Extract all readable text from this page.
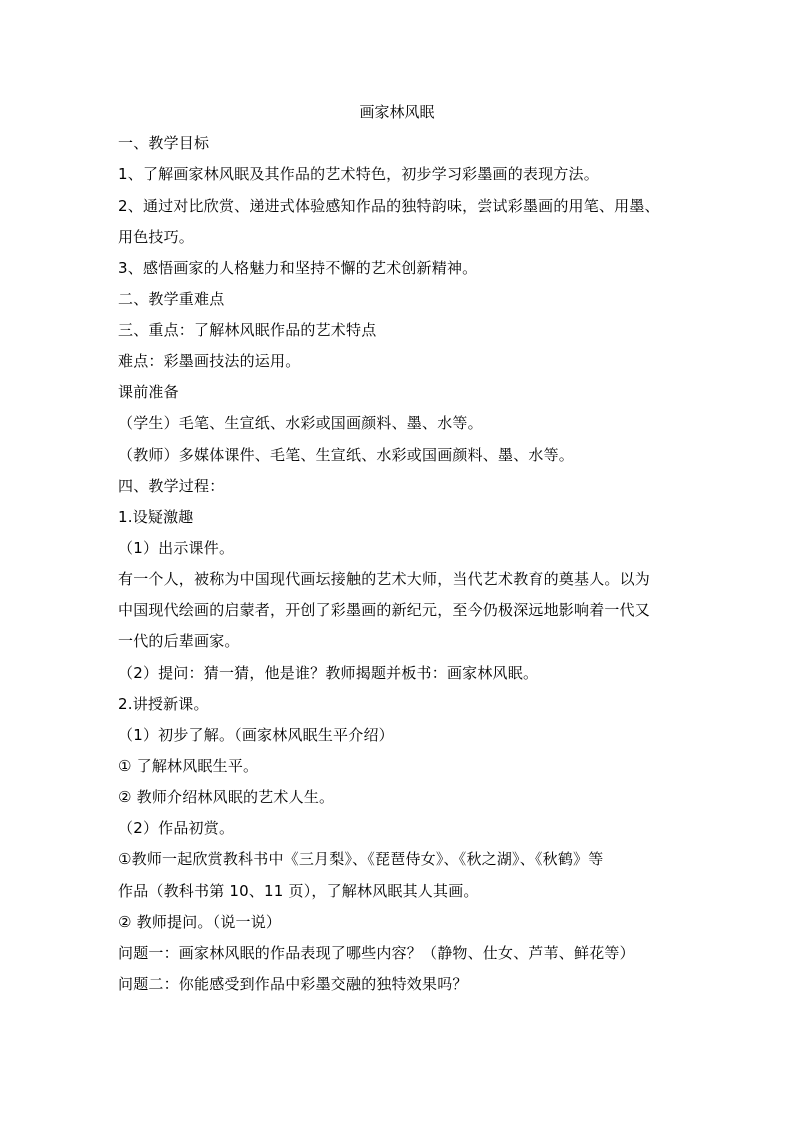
画家林风眠
一、教学目标
1、了解画家林风眠及其作品的艺术特色，初步学习彩墨画的表现方法。
2、通过对比欣赏、递进式体验感知作品的独特韵味，尝试彩墨画的用笔、用墨、
用色技巧。
3、感悟画家的人格魅力和坚持不懈的艺术创新精神。
二、教学重难点
三、重点：了解林风眠作品的艺术特点
难点：彩墨画技法的运用。
课前准备
（学生）毛笔、生宣纸、水彩或国画颜料、墨、水等。
（教师）多媒体课件、毛笔、生宣纸、水彩或国画颜料、墨、水等。
四、教学过程：
1.设疑激趣
（1）出示课件。
有一个人，被称为中国现代画坛接触的艺术大师，当代艺术教育的奠基人。以为
中国现代绘画的启蒙者，开创了彩墨画的新纪元，至今仍极深远地影响着一代又
一代的后辈画家。
（2）提问：猜一猜，他是谁？教师揭题并板书：画家林风眠。
2.讲授新课。
（1）初步了解。（画家林风眠生平介绍）
① 了解林风眠生平。
② 教师介绍林风眠的艺术人生。
（2）作品初赏。
①教师一起欣赏教科书中《三月梨》、《琵琶侍女》、《秋之湖》、《秋鹤》等
作品（教科书第 10、11 页），了解林风眠其人其画。
② 教师提问。（说一说）
问题一：画家林风眠的作品表现了哪些内容？（静物、仕女、芦苇、鲜花等）
问题二：你能感受到作品中彩墨交融的独特效果吗？
